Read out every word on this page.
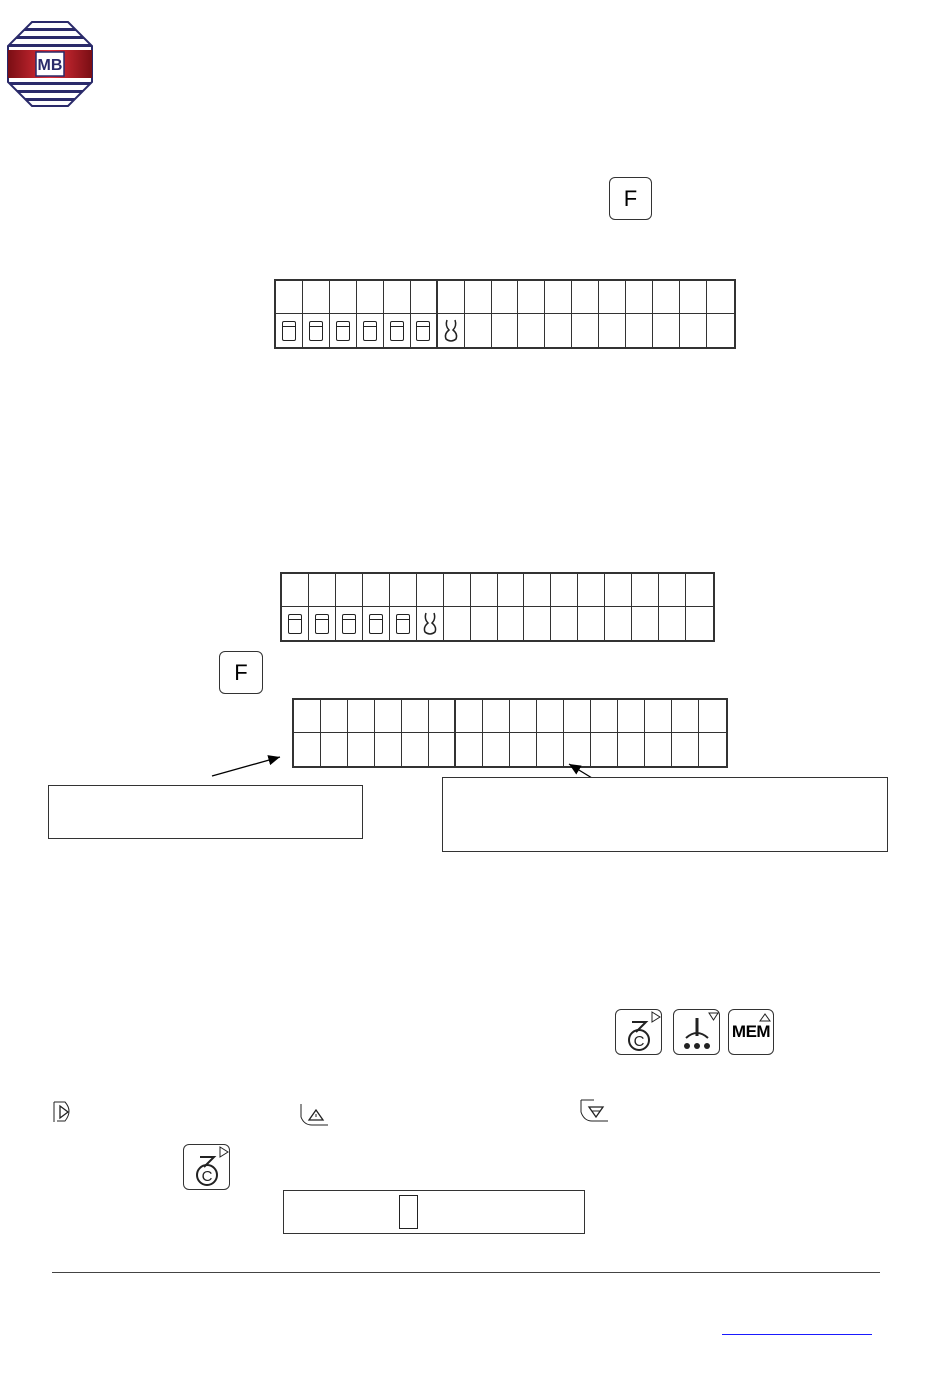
MB
F
F
C
MEM
C
